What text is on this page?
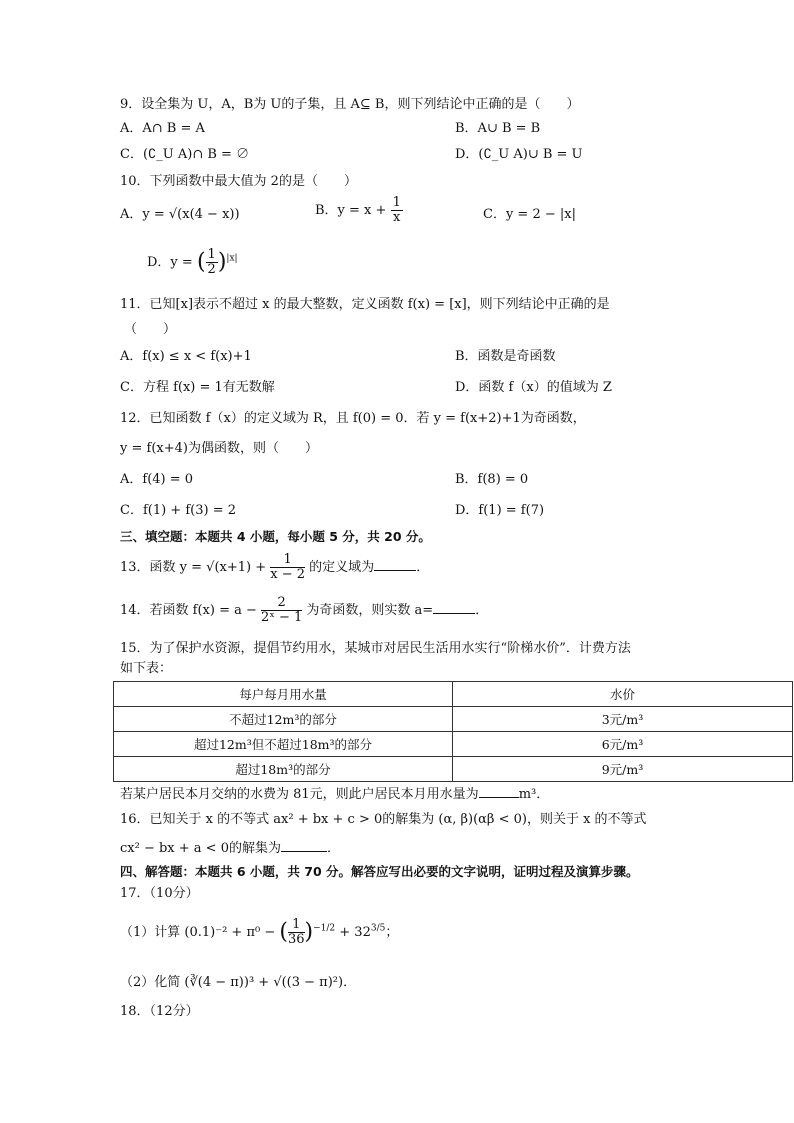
9．设全集为 U，A，B为 U的子集，且 A⊆ B，则下列结论中正确的是（　　）
A．A∩ B = A	B．A∪ B = B
C．(∁_U A)∩ B = ∅	D．(∁_U A)∪ B = U
10．下列函数中最大值为 2的是（　　）
A．y = √(x(4 − x))	B．$y = x + \frac{1}{x}$	C．y = 2 − |x|
D．y = ( $\frac{1}{2} )^{|x|}$
11．已知[x]表示不超过 x 的最大整数，定义函数 f(x) = [x]，则下列结论中正确的是
（　　）
A．f(x) ≤ x < f(x)+1	B．函数是奇函数
C．方程 f(x) = 1有无数解	D．函数 f（x）的值域为 Z
12．已知函数 f（x）的定义域为 R，且 f(0) = 0．若 y = f(x+2)+1为奇函数，
y = f(x+4)为偶函数，则（　　）
A．f(4) = 0	B．f(8) = 0
C．f(1) + f(3) = 2	D．f(1) = f(7)
三、填空题：本题共 4 小题，每小题 5 分，共 20 分。
13．函数 $y = √(x+1) + \frac{1}{x - 2}$ 的定义域为	．
14．若函数 $f(x) = a - \frac{2}{\text{2ˣ − 1}}$ 为奇函数，则实数 a=	．
15．为了保护水资源，提倡节约用水，某城市对居民生活用水实行“阶梯水价”．计费方法
如下表：
每户每月用水量	水价
不超过12m³的部分	3元/m³
超过12m³但不超过18m³的部分	6元/m³
超过18m³的部分	9元/m³
若某户居民本月交纳的水费为 81元，则此户居民本月用水量为	m³．
16．已知关于 x 的不等式 ax² + bx + c > 0的解集为 (α, β)(αβ < 0)，则关于 x 的不等式
cx² − bx + a < 0的解集为	．
四、解答题：本题共 6 小题，共 70 分。解答应写出必要的文字说明，证明过程及演算步骤。
17．（10分）
（1）计算 (0.1)⁻² + π⁰ − ( $\frac{1}{36} )^{-1/2} + 32^{3/5}$；
（2）化简 (∛(4 − π))³ + √((3 − π)²)．
18．（12分）
